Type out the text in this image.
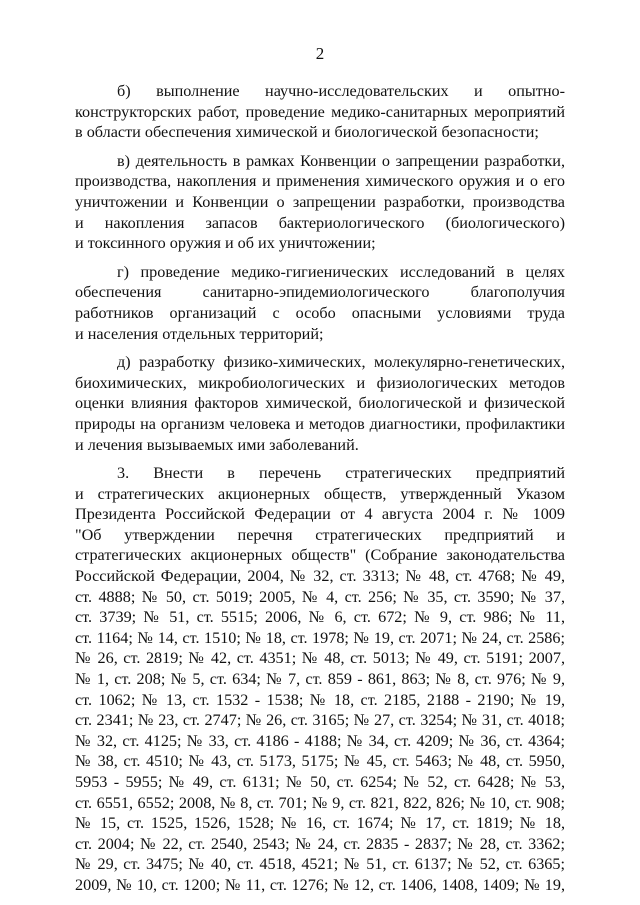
2
б) выполнение научно-исследовательских и опытно-
конструкторских работ, проведение медико-санитарных мероприятий
в области обеспечения химической и биологической безопасности;
в) деятельность в рамках Конвенции о запрещении разработки,
производства, накопления и применения химического оружия и о его
уничтожении и Конвенции о запрещении разработки, производства
и накопления запасов бактериологического (биологического)
и токсинного оружия и об их уничтожении;
г) проведение медико-гигиенических исследований в целях
обеспечения санитарно-эпидемиологического благополучия
работников организаций с особо опасными условиями труда
и населения отдельных территорий;
д) разработку физико-химических, молекулярно-генетических,
биохимических, микробиологических и физиологических методов
оценки влияния факторов химической, биологической и физической
природы на организм человека и методов диагностики, профилактики
и лечения вызываемых ими заболеваний.
3. Внести в перечень стратегических предприятий
и стратегических акционерных обществ, утвержденный Указом
Президента Российской Федерации от 4 августа 2004 г. № 1009
"Об утверждении перечня стратегических предприятий и
стратегических акционерных обществ" (Собрание законодательства
Российской Федерации, 2004, № 32, ст. 3313; № 48, ст. 4768; № 49,
ст. 4888; № 50, ст. 5019; 2005, № 4, ст. 256; № 35, ст. 3590; № 37,
ст. 3739; № 51, ст. 5515; 2006, № 6, ст. 672; № 9, ст. 986; № 11,
ст. 1164; № 14, ст. 1510; № 18, ст. 1978; № 19, ст. 2071; № 24, ст. 2586;
№ 26, ст. 2819; № 42, ст. 4351; № 48, ст. 5013; № 49, ст. 5191; 2007,
№ 1, ст. 208; № 5, ст. 634; № 7, ст. 859 - 861, 863; № 8, ст. 976; № 9,
ст. 1062; № 13, ст. 1532 - 1538; № 18, ст. 2185, 2188 - 2190; № 19,
ст. 2341; № 23, ст. 2747; № 26, ст. 3165; № 27, ст. 3254; № 31, ст. 4018;
№ 32, ст. 4125; № 33, ст. 4186 - 4188; № 34, ст. 4209; № 36, ст. 4364;
№ 38, ст. 4510; № 43, ст. 5173, 5175; № 45, ст. 5463; № 48, ст. 5950,
5953 - 5955; № 49, ст. 6131; № 50, ст. 6254; № 52, ст. 6428; № 53,
ст. 6551, 6552; 2008, № 8, ст. 701; № 9, ст. 821, 822, 826; № 10, ст. 908;
№ 15, ст. 1525, 1526, 1528; № 16, ст. 1674; № 17, ст. 1819; № 18,
ст. 2004; № 22, ст. 2540, 2543; № 24, ст. 2835 - 2837; № 28, ст. 3362;
№ 29, ст. 3475; № 40, ст. 4518, 4521; № 51, ст. 6137; № 52, ст. 6365;
2009, № 10, ст. 1200; № 11, ст. 1276; № 12, ст. 1406, 1408, 1409; № 19,
